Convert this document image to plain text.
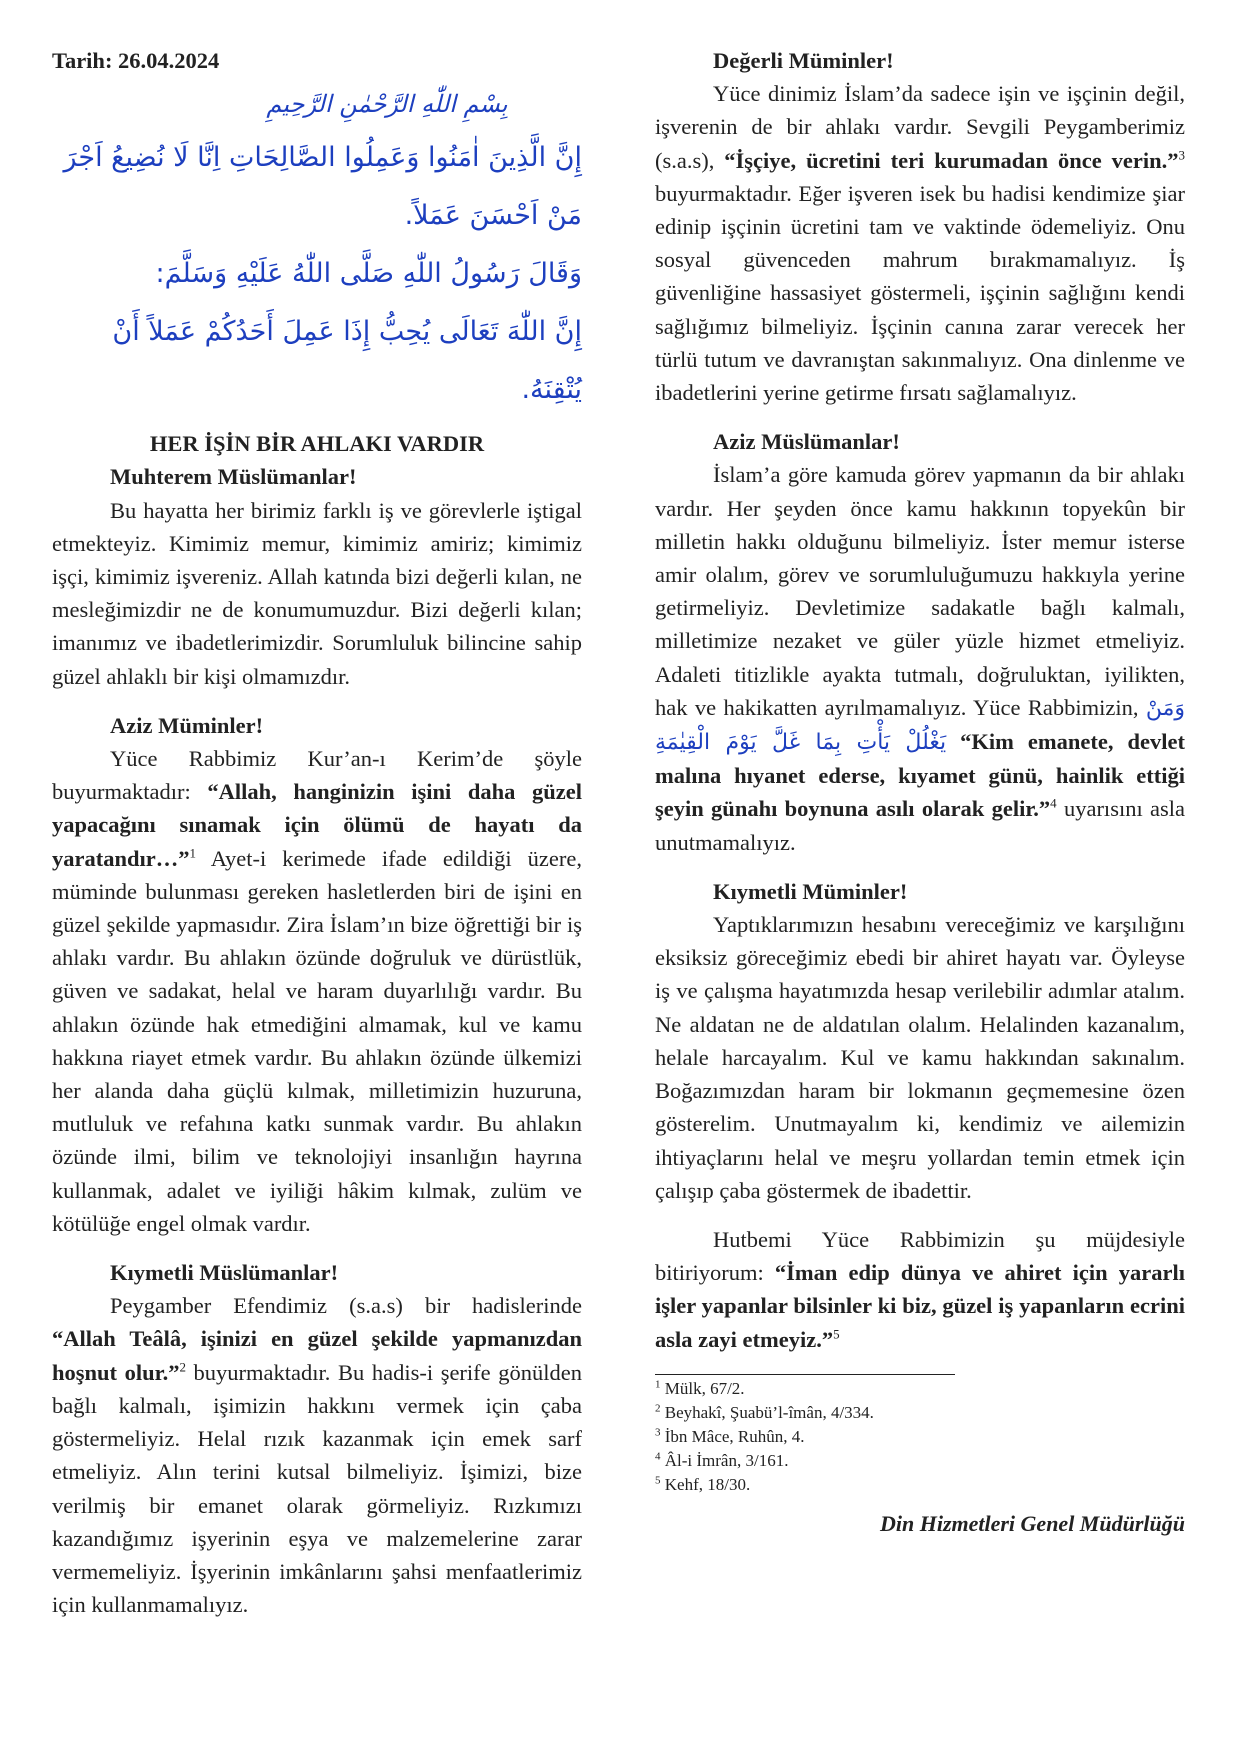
Tarih: 26.04.2024

بِسْمِ اللّٰهِ الرَّحْمٰنِ الرَّحِيمِ

إِنَّ الَّذِينَ اٰمَنُوا وَعَمِلُوا الصَّالِحَاتِ اِنَّا لَا نُضِيعُ اَجْرَ مَنْ اَحْسَنَ عَمَلاً.

وَقَالَ رَسُولُ اللّٰهِ صَلَّى اللّٰهُ عَلَيْهِ وَسَلَّمَ:

إِنَّ اللّٰهَ تَعَالَى يُحِبُّ إِذَا عَمِلَ أَحَدُكُمْ عَمَلاً أَنْ يُتْقِنَهُ.

HER İŞİN BİR AHLAKI VARDIR

Muhterem Müslümanlar!

Bu hayatta her birimiz farklı iş ve görevlerle iştigal etmekteyiz. Kimimiz memur, kimimiz amiriz; kimimiz işçi, kimimiz işvereniz. Allah katında bizi değerli kılan, ne mesleğimizdir ne de konumumuzdur. Bizi değerli kılan; imanımız ve ibadetlerimizdir. Sorumluluk bilincine sahip güzel ahlaklı bir kişi olmamızdır.

Aziz Müminler!

Yüce Rabbimiz Kur’an-ı Kerim’de şöyle buyurmaktadır: “Allah, hanginizin işini daha güzel yapacağını sınamak için ölümü de hayatı da yaratandır…”$^1$ Ayet-i kerimede ifade edildiği üzere, müminde bulunması gereken hasletlerden biri de işini en güzel şekilde yapmasıdır. Zira İslam’ın bize öğrettiği bir iş ahlakı vardır. Bu ahlakın özünde doğruluk ve dürüstlük, güven ve sadakat, helal ve haram duyarlılığı vardır. Bu ahlakın özünde hak etmediğini almamak, kul ve kamu hakkına riayet etmek vardır. Bu ahlakın özünde ülkemizi her alanda daha güçlü kılmak, milletimizin huzuruna, mutluluk ve refahına katkı sunmak vardır. Bu ahlakın özünde ilmi, bilim ve teknolojiyi insanlığın hayrına kullanmak, adalet ve iyiliği hâkim kılmak, zulüm ve kötülüğe engel olmak vardır.

Kıymetli Müslümanlar!

Peygamber Efendimiz (s.a.s) bir hadislerinde “Allah Teâlâ, işinizi en güzel şekilde yapmanızdan hoşnut olur.”$^2$ buyurmaktadır. Bu hadis-i şerife gönülden bağlı kalmalı, işimizin hakkını vermek için çaba göstermeliyiz. Helal rızık kazanmak için emek sarf etmeliyiz. Alın terini kutsal bilmeliyiz. İşimizi, bize verilmiş bir emanet olarak görmeliyiz. Rızkımızı kazandığımız işyerinin eşya ve malzemelerine zarar vermemeliyiz. İşyerinin imkânlarını şahsi menfaatlerimiz için kullanmamalıyız.

Değerli Müminler!

Yüce dinimiz İslam’da sadece işin ve işçinin değil, işverenin de bir ahlakı vardır. Sevgili Peygamberimiz (s.a.s), “İşçiye, ücretini teri kurumadan önce verin.”$^3$ buyurmaktadır. Eğer işveren isek bu hadisi kendimize şiar edinip işçinin ücretini tam ve vaktinde ödemeliyiz. Onu sosyal güvenceden mahrum bırakmamalıyız. İş güvenliğine hassasiyet göstermeli, işçinin sağlığını kendi sağlığımız bilmeliyiz. İşçinin canına zarar verecek her türlü tutum ve davranıştan sakınmalıyız. Ona dinlenme ve ibadetlerini yerine getirme fırsatı sağlamalıyız.

Aziz Müslümanlar!

İslam’a göre kamuda görev yapmanın da bir ahlakı vardır. Her şeyden önce kamu hakkının topyekûn bir milletin hakkı olduğunu bilmeliyiz. İster memur isterse amir olalım, görev ve sorumluluğumuzu hakkıyla yerine getirmeliyiz. Devletimize sadakatle bağlı kalmalı, milletimize nezaket ve güler yüzle hizmet etmeliyiz. Adaleti titizlikle ayakta tutmalı, doğruluktan, iyilikten, hak ve hakikatten ayrılmamalıyız. Yüce Rabbimizin, وَمَنْ يَغْلُلْ يَأْتِ بِمَا غَلَّ يَوْمَ الْقِيٰمَةِ “Kim emanete, devlet malına hıyanet ederse, kıyamet günü, hainlik ettiği şeyin günahı boynuna asılı olarak gelir.”$^4$ uyarısını asla unutmamalıyız.

Kıymetli Müminler!

Yaptıklarımızın hesabını vereceğimiz ve karşılığını eksiksiz göreceğimiz ebedi bir ahiret hayatı var. Öyleyse iş ve çalışma hayatımızda hesap verilebilir adımlar atalım. Ne aldatan ne de aldatılan olalım. Helalinden kazanalım, helale harcayalım. Kul ve kamu hakkından sakınalım. Boğazımızdan haram bir lokmanın geçmemesine özen gösterelim. Unutmayalım ki, kendimiz ve ailemizin ihtiyaçlarını helal ve meşru yollardan temin etmek için çalışıp çaba göstermek de ibadettir.

Hutbemi Yüce Rabbimizin şu müjdesiyle bitiriyorum: “İman edip dünya ve ahiret için yararlı işler yapanlar bilsinler ki biz, güzel iş yapanların ecrini asla zayi etmeyiz.”$^5$

$^1$ Mülk, 67/2.
$^2$ Beyhakî, Şuabü’l-îmân, 4/334.
$^3$ İbn Mâce, Ruhûn, 4.
$^4$ Âl-i İmrân, 3/161.
$^5$ Kehf, 18/30.

Din Hizmetleri Genel Müdürlüğü
